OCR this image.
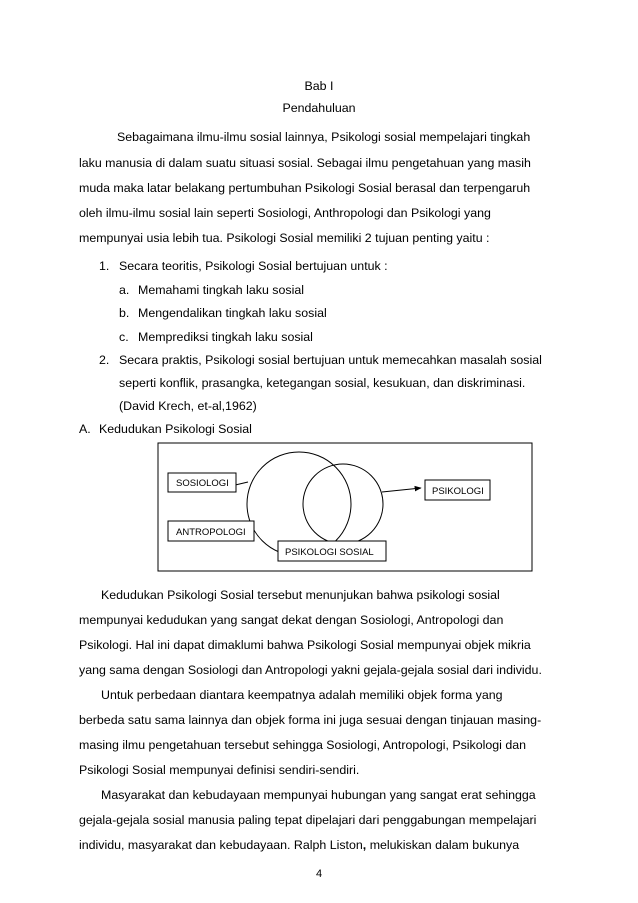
Bab I
Pendahuluan
Sebagaimana ilmu-ilmu sosial lainnya, Psikologi sosial mempelajari tingkah
laku manusia di dalam suatu situasi sosial. Sebagai ilmu pengetahuan yang masih
muda maka latar belakang pertumbuhan Psikologi Sosial berasal dan terpengaruh
oleh ilmu-ilmu sosial lain seperti Sosiologi, Anthropologi dan Psikologi yang
mempunyai usia lebih tua. Psikologi Sosial memiliki 2 tujuan penting yaitu :
1. Secara teoritis, Psikologi Sosial bertujuan untuk :
a. Memahami tingkah laku sosial
b. Mengendalikan tingkah laku sosial
c. Memprediksi tingkah laku sosial
2. Secara praktis, Psikologi sosial bertujuan untuk memecahkan masalah sosial
seperti konflik, prasangka, ketegangan sosial, kesukuan, dan diskriminasi.
(David Krech, et-al,1962)
A. Kedudukan Psikologi Sosial
SOSIOLOGI
PSIKOLOGI
ANTROPOLOGI
PSIKOLOGI SOSIAL
Kedudukan Psikologi Sosial tersebut menunjukan bahwa psikologi sosial
mempunyai kedudukan yang sangat dekat dengan Sosiologi, Antropologi dan
Psikologi. Hal ini dapat dimaklumi bahwa Psikologi Sosial mempunyai objek mikria
yang sama dengan Sosiologi dan Antropologi yakni gejala-gejala sosial dari individu.
Untuk perbedaan diantara keempatnya adalah memiliki objek forma yang
berbeda satu sama lainnya dan objek forma ini juga sesuai dengan tinjauan masing-
masing ilmu pengetahuan tersebut sehingga Sosiologi, Antropologi, Psikologi dan
Psikologi Sosial mempunyai definisi sendiri-sendiri.
Masyarakat dan kebudayaan mempunyai hubungan yang sangat erat sehingga
gejala-gejala sosial manusia paling tepat dipelajari dari penggabungan mempelajari
individu, masyarakat dan kebudayaan. Ralph Liston, melukiskan dalam bukunya
4
